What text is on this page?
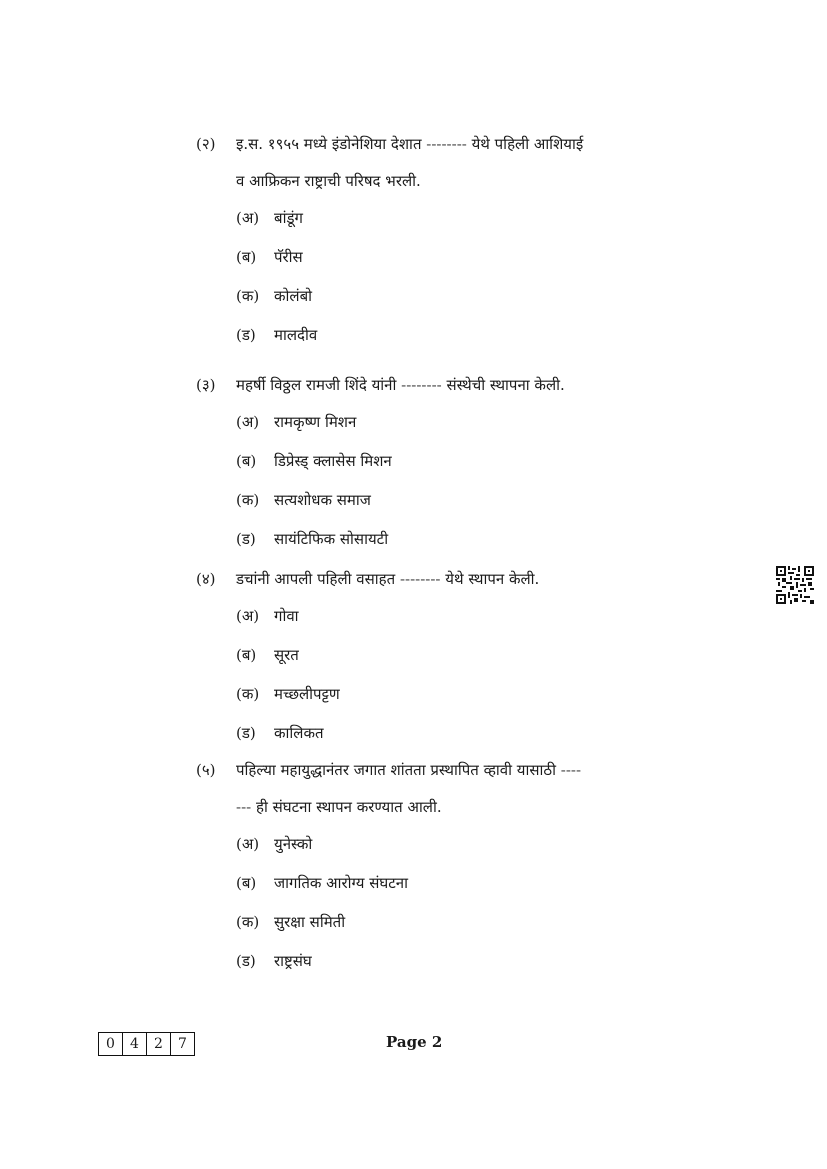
(२)	इ.स. १९५५ मध्ये इंडोनेशिया देशात -------- येथे पहिली आशियाई
व आफ्रिकन राष्ट्राची परिषद भरली.
(अ) बांडूंग
(ब)	पॅरीस
(क) कोलंबो
(ड)	मालदीव
(३)	महर्षी विठ्ठल रामजी शिंदे यांनी -------- संस्थेची स्थापना केली.
(अ) रामकृष्ण मिशन
(ब)	डिप्रेस्ड् क्लासेस मिशन
(क) सत्यशोधक समाज
(ड)	सायंटिफिक सोसायटी
(४)	डचांनी आपली पहिली वसाहत -------- येथे स्थापन केली.
(अ) गोवा
(ब)	सूरत
(क) मच्छलीपट्टण
(ड)	कालिकत
(५)	पहिल्या महायुद्धानंतर जगात शांतता प्रस्थापित व्हावी यासाठी ----
--- ही संघटना स्थापन करण्यात आली.
(अ) युनेस्को
(ब)	जागतिक आरोग्य संघटना
(क) सुरक्षा समिती
(ड)	राष्ट्रसंघ
0	4	2	7	Page 2
